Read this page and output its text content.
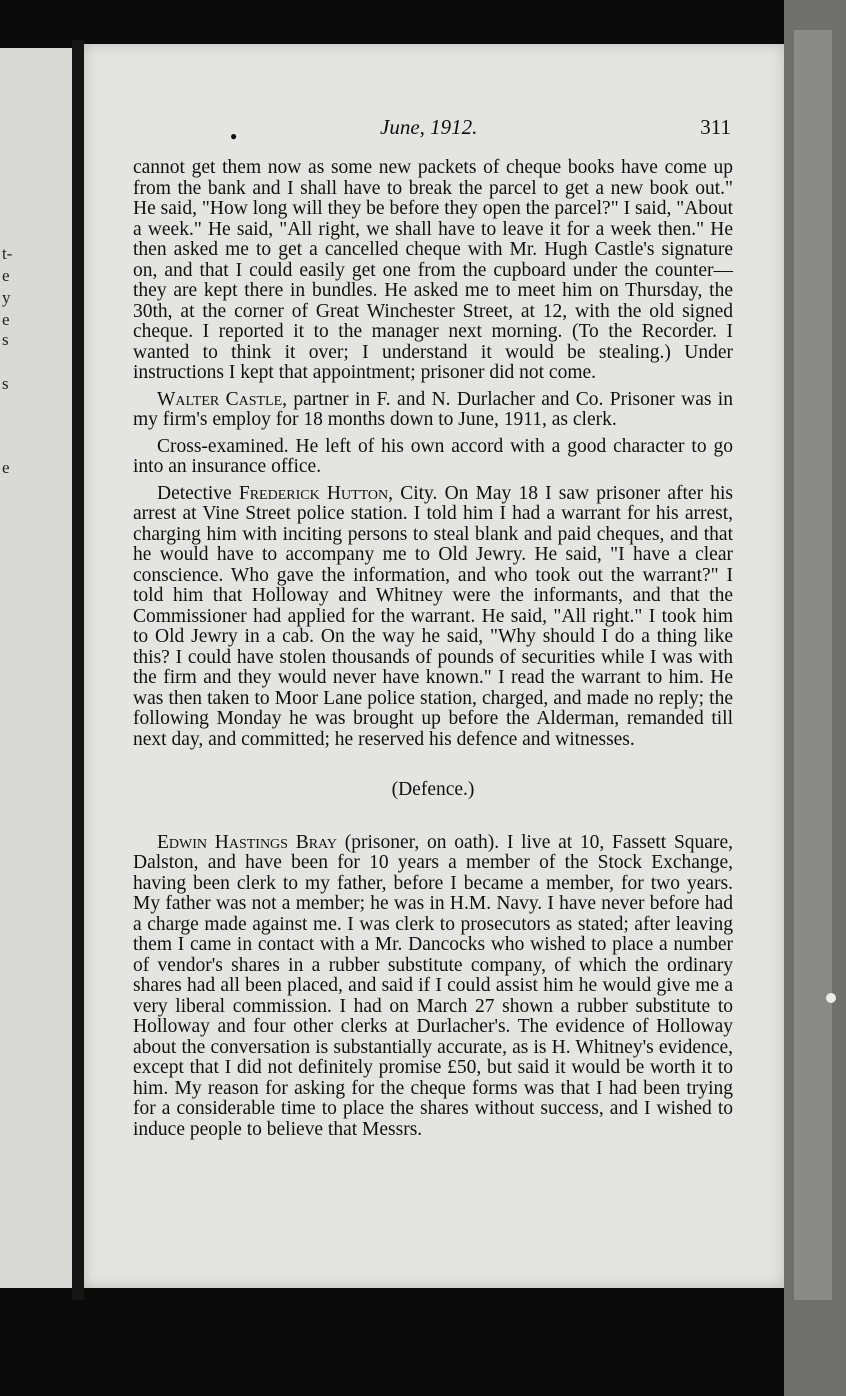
t-
e
y
e
s
s
e
●	June, 1912.	311

cannot get them now as some new packets of cheque books have come up from the bank and I shall have to break the parcel to get a new book out." He said, "How long will they be before they open the parcel?" I said, "About a week." He said, "All right, we shall have to leave it for a week then." He then asked me to get a cancelled cheque with Mr. Hugh Castle's signature on, and that I could easily get one from the cupboard under the counter—they are kept there in bundles. He asked me to meet him on Thursday, the 30th, at the corner of Great Winchester Street, at 12, with the old signed cheque. I reported it to the manager next morning. (To the Recorder. I wanted to think it over; I understand it would be stealing.) Under instructions I kept that appointment; prisoner did not come.

Walter Castle, partner in F. and N. Durlacher and Co. Prisoner was in my firm's employ for 18 months down to June, 1911, as clerk.

Cross-examined. He left of his own accord with a good character to go into an insurance office.

Detective Frederick Hutton, City. On May 18 I saw prisoner after his arrest at Vine Street police station. I told him I had a warrant for his arrest, charging him with inciting persons to steal blank and paid cheques, and that he would have to accompany me to Old Jewry. He said, "I have a clear conscience. Who gave the information, and who took out the warrant?" I told him that Holloway and Whitney were the informants, and that the Commissioner had applied for the warrant. He said, "All right." I took him to Old Jewry in a cab. On the way he said, "Why should I do a thing like this? I could have stolen thousands of pounds of securities while I was with the firm and they would never have known." I read the warrant to him. He was then taken to Moor Lane police station, charged, and made no reply; the following Monday he was brought up before the Alderman, remanded till next day, and committed; he reserved his defence and witnesses.

(Defence.)

Edwin Hastings Bray (prisoner, on oath). I live at 10, Fassett Square, Dalston, and have been for 10 years a member of the Stock Exchange, having been clerk to my father, before I became a member, for two years. My father was not a member; he was in H.M. Navy. I have never before had a charge made against me. I was clerk to prosecutors as stated; after leaving them I came in contact with a Mr. Dancocks who wished to place a number of vendor's shares in a rubber substitute company, of which the ordinary shares had all been placed, and said if I could assist him he would give me a very liberal commission. I had on March 27 shown a rubber substitute to Holloway and four other clerks at Durlacher's. The evidence of Holloway about the conversation is substantially accurate, as is H. Whitney's evidence, except that I did not definitely promise £50, but said it would be worth it to him. My reason for asking for the cheque forms was that I had been trying for a considerable time to place the shares without success, and I wished to induce people to believe that Messrs.
